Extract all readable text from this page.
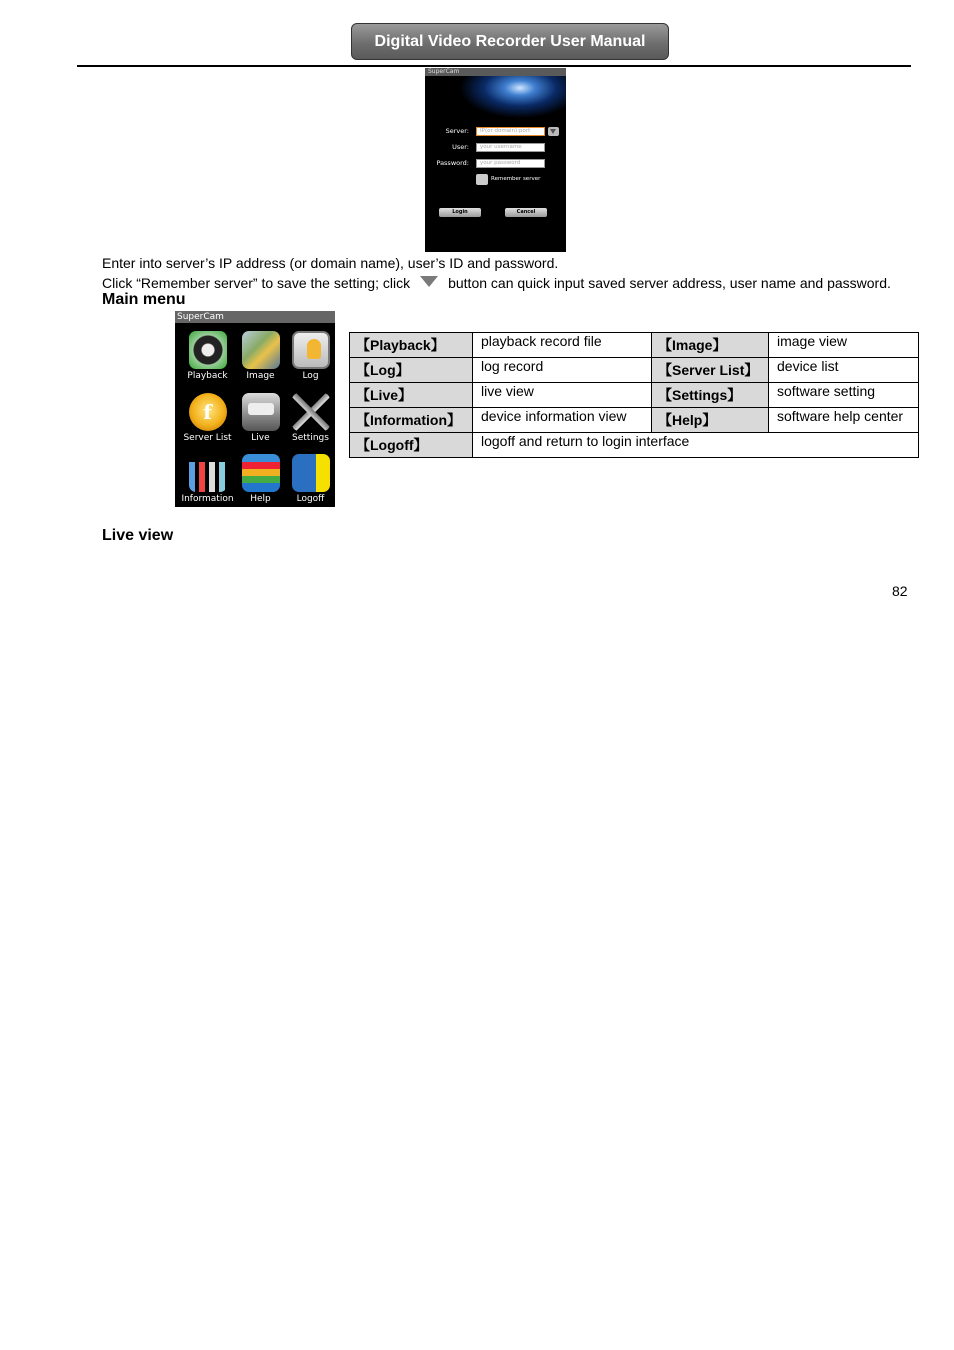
Digital Video Recorder User Manual
SuperCam
Server:	IP(or domain):port
User:	your username
Password:	your password
Remember server
Login	Cancel
Enter into server’s IP address (or domain name), user’s ID and password.
Click “Remember server” to save the setting; click	button can quick input saved server address, user name and password.
Main menu
SuperCam
Playback	Image	Log
f
Server List	Live	Settings
Information	Help	Logoff
【Playback】	playback record file	【Image】	image view
【Log】	log record	【Server List】	device list
【Live】	live view	【Settings】	software setting
【Information】	device information view	【Help】	software help center
【Logoff】	logoff and return to login interface		
Live view
82
